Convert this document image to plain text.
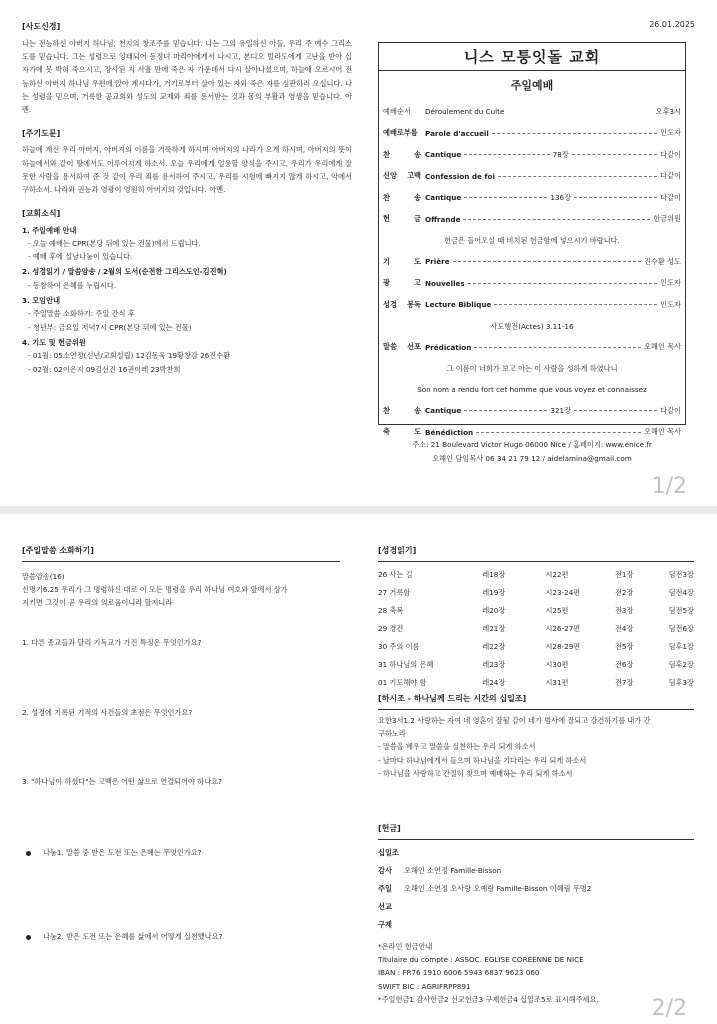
26.01.2025
[사도신경]
나는 전능하신 아버지 하나님, 천지의 창조주를 믿습니다. 나는 그의 유일하신 아들, 우리 주 예수 그리스도를 믿습니다. 그는 성령으로 잉태되어 동정녀 마리아에게서 나시고, 본디오 빌라도에게 고난을 받아 십자가에 못 박혀 죽으시고, 장사된 지 사흘 만에 죽은 자 가운데서 다시 살아나셨으며, 하늘에 오르시어 전능하신 아버지 하나님 우편에 앉아 계시다가, 거기로부터 살아 있는 자와 죽은 자를 심판하러 오십니다. 나는 성령을 믿으며, 거룩한 공교회와 성도의 교제와 죄를 용서받는 것과 몸의 부활과 영생을 믿습니다. 아멘.
[주기도문]
하늘에 계신 우리 아버지, 아버지의 이름을 거룩하게 하시며 아버지의 나라가 오게 하시며, 아버지의 뜻이 하늘에서와 같이 땅에서도 이루어지게 하소서. 오늘 우리에게 일용할 양식을 주시고, 우리가 우리에게 잘못한 사람을 용서하여 준 것 같이 우리 죄를 용서하여 주시고, 우리를 시험에 빠지지 않게 하시고, 악에서 구하소서. 나라와 권능과 영광이 영원히 아버지의 것입니다. 아멘.
[교회소식]
1. 주일예배 안내
- 오늘 예배는 CPR(본당 뒤에 있는 건물)에서 드립니다.
- 예배 후에 설날나눔이 있습니다.
2. 성경읽기 / 말씀암송 / 2월의 도서(순전한 그리스도인-김진혁)
- 동참하여 은혜를 누립시다.
3. 모임안내
- 주일말씀 소화하기: 주일 간식 후
- 청년부: 금요일 저녁7시 CPR(본당 뒤에 있는 건물)
4. 기도 및 헌금위원
- 01월: 05소연정(신년/교회설립) 12김동욱 19황창감 26진수환
- 02월: 02이은지 09김선진 16권이레 23박찬희
니스 모퉁잇돌 교회
주일예배
예배순서	Déroulement du Culte	오후3시
예배로부름	Parole d'accueil	인도자
찬 송 Cantique	78장	다같이
신앙 고백 Confession de foi	다같이
찬 송 Cantique	136장	다같이
헌 금 Offrande	헌금위원
헌금은 들어오실 때 비치된 헌금함에 넣으시기 바랍니다.
기 도 Prière	진수환 성도
광 고 Nouvelles	인도자
성경 봉독 Lecture Biblique	인도자
사도행전(Actes) 3.11-16
말씀 선포 Prédication	오해인 목사
그 이름이 너희가 보고 아는 이 사람을 성하게 하였나니
Son nom a rendu fort cet homme que vous voyez et connaissez
찬 송 Cantique	321장	다같이
축 도 Bénédiction	오해인 목사
주소: 21 Boulevard Victor Hugo 06000 Nice / 홈페이지: www.enice.fr
오해인 담임목사 06 34 21 79 12 / aidelamina@gmail.com
1/2
[주일말씀 소화하기]
말씀암송(16)
신명기6.25 우리가 그 명령하신 대로 이 모든 명령을 우리 하나님 여호와 앞에서 삼가
지키면 그것이 곧 우리의 의로움이니라 할지니라
1. 다른 종교들과 달리 기독교가 가진 특징은 무엇인가요?
2. 성경에 기록된 기적의 사건들의 초점은 무엇인가요?
3. "하나님이 하셨다"는 고백은 어떤 삶으로 연결되어야 하나요?
나눔1. 말씀 중 받은 도전 또는 은혜는 무엇인가요?
나눔2. 받은 도전 또는 은혜를 삶에서 어떻게 실천했나요?
[성경읽기]
26 사는 길	레18장	시22편	전1장	딤전3장
27 거룩함	레19장	시23-24편	전2장	딤전4장
28 축복	레20장	시25편	전3장	딤전5장
29 경건	레21장	시26-27편	전4장	딤전6장
30 주의 이름	레22장	시28-29편	전5장	딤후1장
31 하나님의 은혜	레23장	시30편	전6장	딤후2장
01 기도해야 함	레24장	시31편	전7장	딤후3장
[하시조 - 하나님께 드리는 시간의 십일조]
요한3서1.2 사랑하는 자여 네 영혼이 잘됨 같이 네가 범사에 잘되고 강건하기를 내가 간
구하노라
- 말씀을 배우고 말씀을 실천하는 우리 되게 하소서
- 날마다 하나님에게서 들으며 하나님을 기다리는 우리 되게 하소서
- 하나님을 사랑하고 간절히 찾으며 예배하는 우리 되게 하소서
[헌금]
십일조
감사	오해인 소연정 Famille-Bisson
주일	오해인 소연정 오사랑 오예랑 Famille-Bisson 이혜림 무명2
선교
구제
*온라인 헌금안내
Titulaire du compte : ASSOC. EGLISE COREENNE DE NICE
IBAN : FR76 1910 6006 5943 6837 9623 060
SWIFT BIC : AGRIFRPP891
*주일헌금1 감사헌금2 선교헌금3 구제헌금4 십일조5로 표시해주세요.	2/2
